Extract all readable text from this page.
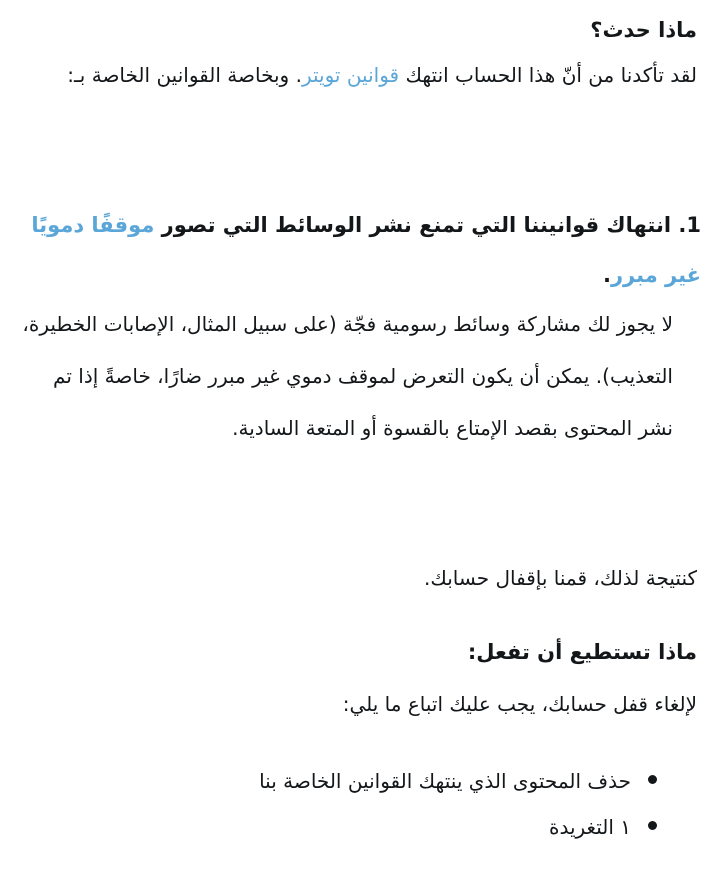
ماذا حدث؟
لقد تأكدنا من أنّ هذا الحساب انتهك قوانين تويتر. وبخاصة القوانين الخاصة بـ:
1. انتهاك قوانيننا التي تمنع نشر الوسائط التي تصور موقفًا دمويًا غير مبرر.
لا يجوز لك مشاركة وسائط رسومية فجّة (على سبيل المثال، الإصابات الخطيرة، التعذيب). يمكن أن يكون التعرض لموقف دموي غير مبرر ضارًا، خاصةً إذا تم نشر المحتوى بقصد الإمتاع بالقسوة أو المتعة السادية.
كنتيجة لذلك، قمنا بإقفال حسابك.
ماذا تستطيع أن تفعل:
لإلغاء قفل حسابك، يجب عليك اتباع ما يلي:
حذف المحتوى الذي ينتهك القوانين الخاصة بنا
١ التغريدة
